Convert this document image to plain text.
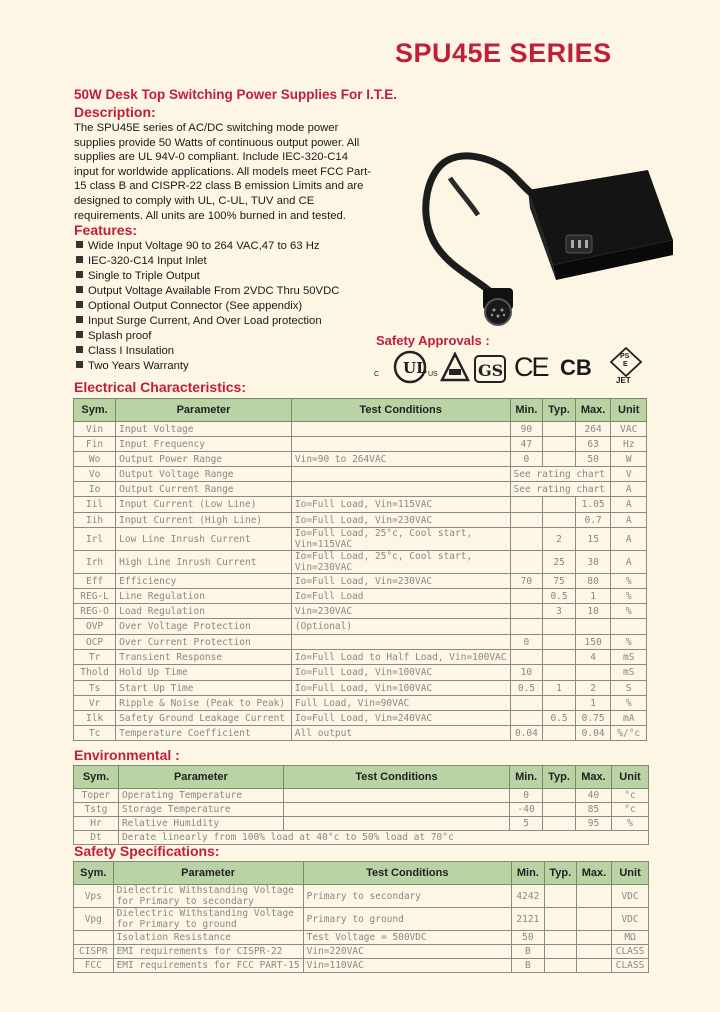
SPU45E SERIES
50W Desk Top Switching Power Supplies For I.T.E.
Description:
The SPU45E series of AC/DC switching mode power supplies provide 50 Watts of continuous output power. All supplies are UL 94V-0 compliant. Include IEC-320-C14 input for worldwide applications. All models meet FCC Part-15 class B and CISPR-22 class B emission Limits and are designed to comply with UL, C-UL, TUV and CE requirements. All units are 100% burned in and tested.
Features:
Wide Input Voltage 90 to 264 VAC,47 to 63 Hz
IEC-320-C14 Input Inlet
Single to Triple Output
Output Voltage Available From 2VDC Thru 50VDC
Optional Output Connector (See appendix)
Input Surge Current, And Over Load protection
Splash proof
Class I Insulation
Two Years Warranty
Safety Approvals :
UL
C	US	GS CE CB	PS
E
JET
Electrical Characteristics:
Sym.	Parameter	Test Conditions	Min.	Typ.	Max.	Unit
Vin	Input Voltage		90		264	VAC
Fin	Input Frequency		47		63	Hz
Wo	Output Power Range	Vin=90 to 264VAC	0		50	W
Vo	Output Voltage Range		See rating chart			V
Io	Output Current Range		See rating chart			A
Iil	Input Current (Low Line)	Io=Full Load, Vin=115VAC			1.05	A
Iih	Input Current (High Line)	Io=Full Load, Vin=230VAC			0.7	A
Irl	Low Line Inrush Current	Io=Full Load, 25°c, Cool start, Vin=115VAC		2	15	A
Irh	High Line Inrush Current	Io=Full Load, 25°c, Cool start, Vin=230VAC		25	30	A
Eff	Efficiency	Io=Full Load, Vin=230VAC	70	75	80	%
REG-L	Line Regulation	Io=Full Load		0.5	1	%
REG-O	Load Regulation	Vin=230VAC		3	10	%
OVP	Over Voltage Protection	(Optional)				
OCP	Over Current Protection		0		150	%
Tr	Transient Response	Io=Full Load to Half Load, Vin=100VAC			4	mS
Thold	Hold Up Time	Io=Full Load, Vin=100VAC	10			mS
Ts	Start Up Time	Io=Full Load, Vin=100VAC	0.5	1	2	S
Vr	Ripple & Noise (Peak to Peak)	Full Load, Vin=90VAC			1	%
Ilk	Safety Ground Leakage Current	Io=Full Load, Vin=240VAC		0.5	0.75	mA
Tc	Temperature Coefficient	All output	0.04		0.04	%/°c
Environmental :
Sym.	Parameter	Test Conditions	Min.	Typ.	Max.	Unit
Toper	Operating Temperature		0		40	°c
Tstg	Storage Temperature		-40		85	°c
Hr	Relative Humidity		5		95	%
Dt	Derate linearly from 100% load at 40°c to 50% load at 70°c					
Safety Specifications:
Sym.	Parameter	Test Conditions	Min.	Typ.	Max.	Unit
Vps	Dielectric Withstanding Voltage for Primary to secondary	Primary to secondary	4242			VDC
Vpg	Dielectric Withstanding Voltage for Primary to ground	Primary to ground	2121			VDC
	Isolation Resistance	Test Voltage = 500VDC	50			MΩ
CISPR	EMI requirements for CISPR-22	Vin=220VAC	B			CLASS
FCC	EMI requirements for FCC PART-15	Vin=110VAC	B			CLASS
